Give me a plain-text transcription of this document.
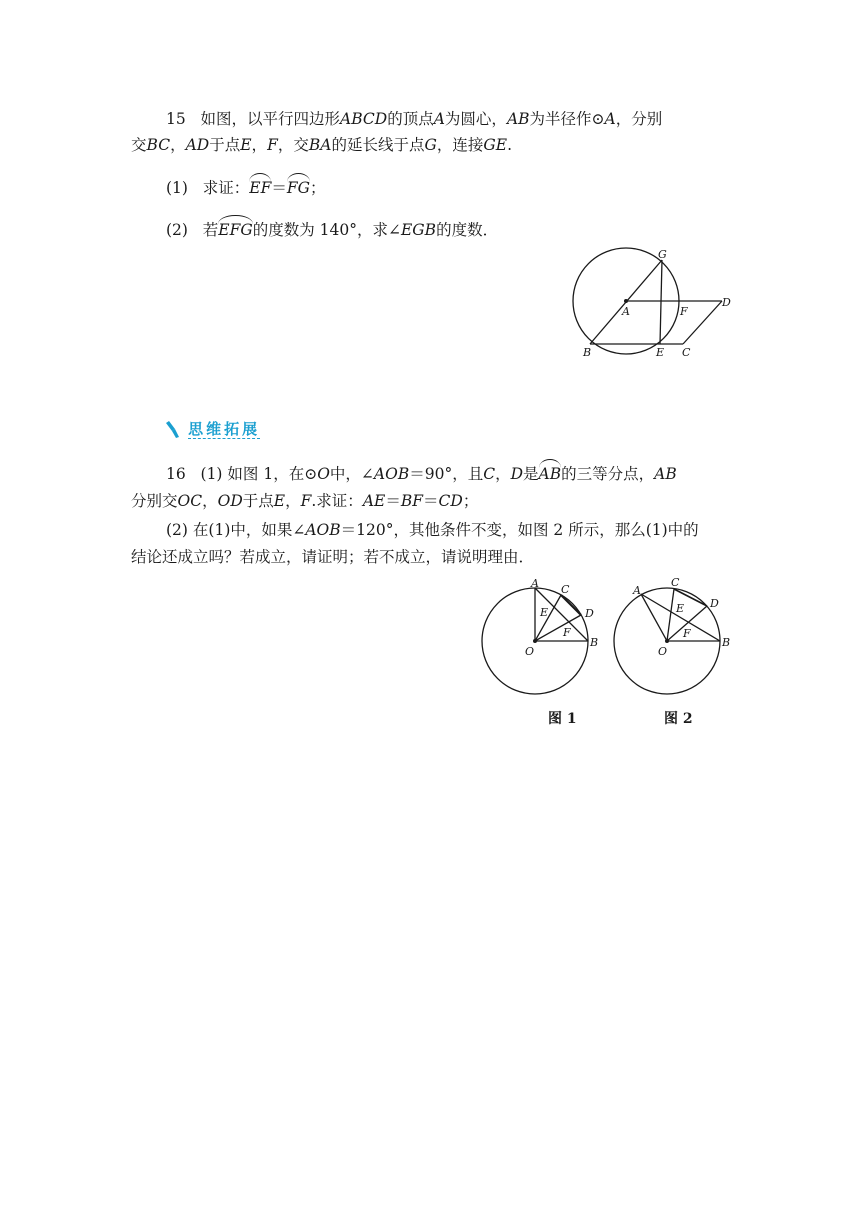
15 如图，以平行四边形ABCD的顶点A为圆心，AB为半径作⊙A，分别
交BC，AD于点E，F，交BA的延长线于点G，连接GE.
(1) 求证：EF＝FG；
(2) 若EFG的度数为 140°，求∠EGB的度数．
G
A	F
D
B	E C
思维拓展
16 (1) 如图 1，在⊙O中，∠AOB＝90°，且C，D是AB的三等分点，AB
分别交OC，OD于点E，F.求证：AE＝BF＝CD；
(2) 在(1)中，如果∠AOB＝120°，其他条件不变，如图 2 所示，那么(1)中的
结论还成立吗？若成立，请证明；若不成立，请说明理由．
A C
D
E
F
O
B
图 1
A
C
D
E
F
O
B
图 2
